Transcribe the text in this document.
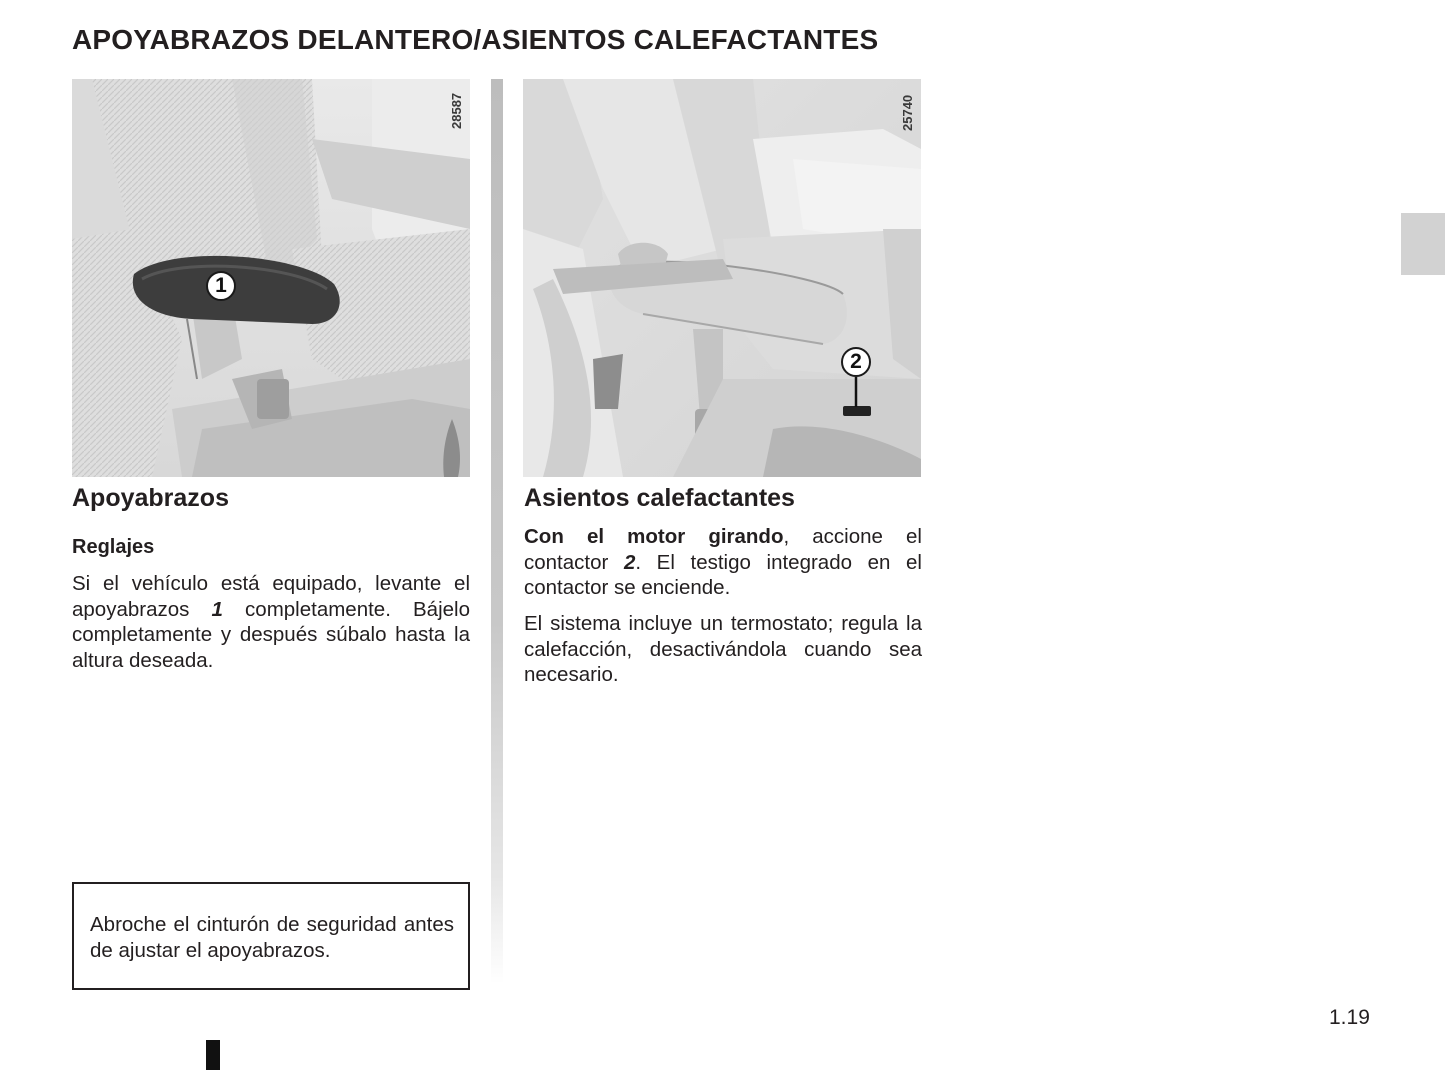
APOYABRAZOS DELANTERO/ASIENTOS CALEFACTANTES
28587
1
25740
2
Apoyabrazos
Reglajes

Si el vehículo está equipado, levante el apoyabrazos 1 completamente. Bájelo completamente y después súbalo hasta la altura deseada.

Abroche el cinturón de seguridad antes de ajustar el apoyabrazos.

Asientos calefactantes

Con el motor girando, accione el contactor 2. El testigo integrado en el contactor se enciende.

El sistema incluye un termostato; regula la calefacción, desactivándola cuando sea necesario.

1.19
